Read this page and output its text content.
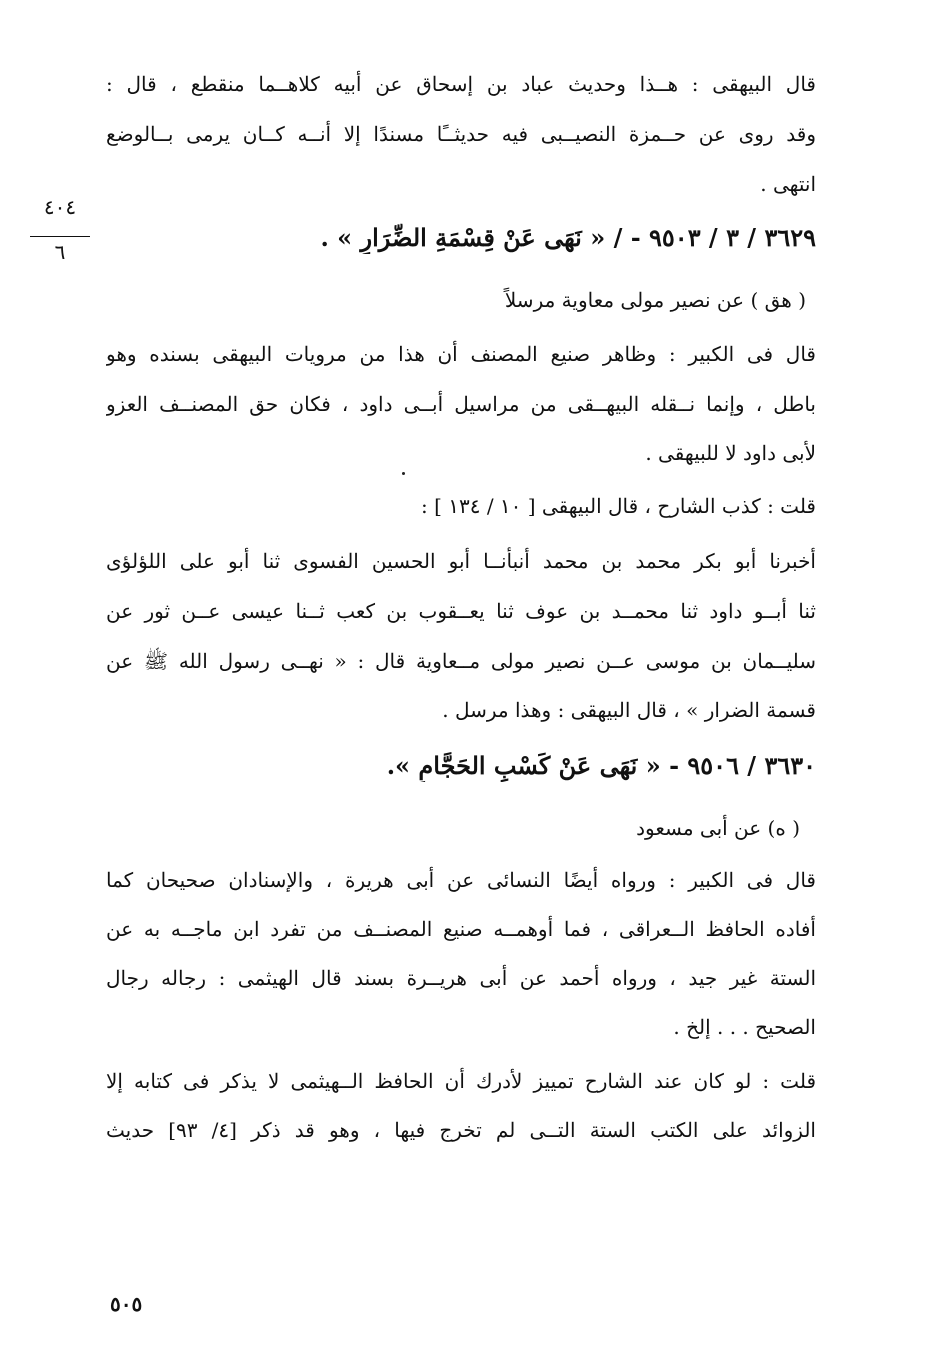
٤٠٤
٦
قال البيهقى : هــذا وحديث عباد بن إسحاق عن أبيه كلاهــما منقطع ، قال :
وقد روى عن حــمزة النصيــبى فيه حديثــًا مسندًا إلا أنــه كــان يرمى بــالوضع
انتهى .
٣٦٢٩ / ٣ / ٩٥٠٣ - / « نَهَى عَنْ قِسْمَةِ الضِّرَارِ » .
( هق ) عن نصير مولى معاوية مرسلاً
قال فى الكبير : وظاهر صنيع المصنف أن هذا من مرويات البيهقى بسنده وهو
باطل ، وإنما نــقله البيهــقى من مراسيل أبــى داود ، فكان حق المصنــف العزو
لأبى داود لا للبيهقى .
قلت : كذب الشارح ، قال البيهقى [ ١٠ / ١٣٤ ] :
أخبرنا أبو بكر محمد بن محمد أنبأنــا أبو الحسين الفسوى ثنا أبو على اللؤلؤى
ثنا أبــو داود ثنا محمــد بن عوف ثنا يعــقوب بن كعب ثــنا عيسى عــن ثور عن
سليــمان بن موسى عــن نصير مولى مــعاوية قال : « نهــى رسول الله ﷺ عن
قسمة الضرار » ، قال البيهقى : وهذا مرسل .
٣٦٣٠ / ٩٥٠٦ - « نَهَى عَنْ كَسْبِ الحَجَّامِ ».
( ه) عن أبى مسعود
قال فى الكبير : ورواه أيضًا النسائى عن أبى هريرة ، والإسنادان صحيحان كما
أفاده الحافظ الــعراقى ، فما أوهمــه صنيع المصنــف من تفرد ابن ماجــه به عن
الستة غير جيد ، ورواه أحمد عن أبى هريــرة بسند قال الهيثمى : رجاله رجال
الصحيح . . . إلخ .
قلت : لو كان عند الشارح تمييز لأدرك أن الحافظ الــهيثمى لا يذكر فى كتابه إلا
الزوائد على الكتب الستة التــى لم تخرج فيها ، وهو قد ذكر [٤/ ٩٣] حديث
٥٠٥
